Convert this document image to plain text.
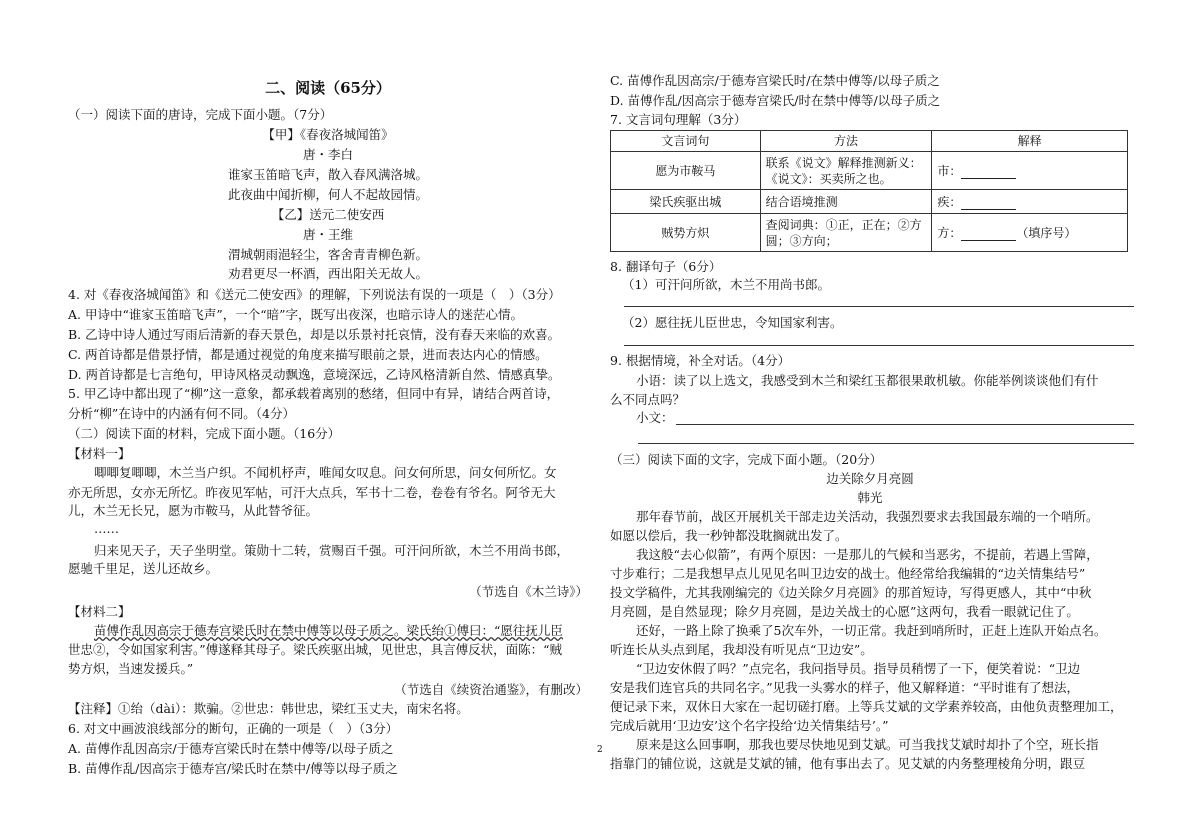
2
二、阅读（65分）
（一）阅读下面的唐诗，完成下面小题。（7分）
【甲】《春夜洛城闻笛》
唐・李白
谁家玉笛暗飞声，散入春风满洛城。
此夜曲中闻折柳，何人不起故园情。
【乙】送元二使安西
唐・王维
渭城朝雨浥轻尘，客舍青青柳色新。
劝君更尽一杯酒，西出阳关无故人。
4. 对《春夜洛城闻笛》和《送元二使安西》的理解，下列说法有误的一项是（　）（3分）
A. 甲诗中“谁家玉笛暗飞声”，一个“暗”字，既写出夜深，也暗示诗人的迷茫心情。
B. 乙诗中诗人通过写雨后清新的春天景色，却是以乐景衬托哀情，没有春天来临的欢喜。
C. 两首诗都是借景抒情，都是通过视觉的角度来描写眼前之景，进而表达内心的情感。
D. 两首诗都是七言绝句，甲诗风格灵动飘逸，意境深远，乙诗风格清新自然、情感真挚。
5. 甲乙诗中都出现了“柳”这一意象，都承载着离别的愁绪，但同中有异，请结合两首诗，
分析“柳”在诗中的内涵有何不同。（4分）
（二）阅读下面的材料，完成下面小题。（16分）
【材料一】
唧唧复唧唧，木兰当户织。不闻机杼声，唯闻女叹息。问女何所思，问女何所忆。女
亦无所思，女亦无所忆。昨夜见军帖，可汗大点兵，军书十二卷，卷卷有爷名。阿爷无大
儿，木兰无长兄，愿为市鞍马，从此替爷征。
……
归来见天子，天子坐明堂。策勋十二转，赏赐百千强。可汗问所欲，木兰不用尚书郎，
愿驰千里足，送儿还故乡。
（节选自《木兰诗》）
【材料二】
苗傅作乱因高宗于德寿宫梁氏时在禁中傅等以母子质之。梁氏绐①傅曰：“愿往抚儿臣
世忠②，令如国家利害。”傅遂释其母子。梁氏疾驱出城，见世忠，具言傅反状，面陈：“贼
势方炽，当速发援兵。”
（节选自《续资治通鉴》，有删改）
【注释】①绐（dài）：欺骗。②世忠：韩世忠，梁红玉丈夫，南宋名将。
6. 对文中画波浪线部分的断句，正确的一项是（　）（3分）
A. 苗傅作乱因高宗/于德寿宫梁氏时在禁中傅等/以母子质之
B. 苗傅作乱/因高宗于德寿宫/梁氏时在禁中/傅等以母子质之
C. 苗傅作乱因高宗/于德寿宫梁氏时/在禁中傅等/以母子质之
D. 苗傅作乱/因高宗于德寿宫梁氏/时在禁中傅等/以母子质之
7. 文言词句理解（3分）
文言词句	方法	解释
愿为市鞍马	联系《说文》解释推测新义：《说文》：买卖所之也。	市：
梁氏疾驱出城	结合语境推测	疾：
贼势方炽	查阅词典：①正，正在；②方圆；③方向；	方： （填序号）
8. 翻译句子（6分）
（1）可汗问所欲，木兰不用尚书郎。
（2）愿往抚儿臣世忠，令知国家利害。
9. 根据情境，补全对话。（4分）
小语：读了以上选文，我感受到木兰和梁红玉都很果敢机敏。你能举例谈谈他们有什
么不同点吗？
小文：
（三）阅读下面的文字，完成下面小题。（20分）
边关除夕月亮圆
韩光
那年春节前，战区开展机关干部走边关活动，我强烈要求去我国最东端的一个哨所。
如愿以偿后，我一秒钟都没耽搁就出发了。
我这般“去心似箭”，有两个原因：一是那儿的气候和当恶劣，不提前，若遇上雪障，
寸步难行；二是我想早点儿见见名叫卫边安的战士。他经常给我编辑的“边关情集结号”
投文学稿件，尤其我刚编完的《边关除夕月亮圆》的那首短诗，写得更感人，其中“中秋
月亮圆，是自然显现；除夕月亮圆，是边关战士的心愿”这两句，我看一眼就记住了。
还好，一路上除了换乘了5次车外，一切正常。我赶到哨所时，正赶上连队开始点名。
听连长从头点到尾，我却没有听见点“卫边安”。
“卫边安休假了吗？”点完名，我问指导员。指导员稍愣了一下，便笑着说：“卫边
安是我们连官兵的共同名字。”见我一头雾水的样子，他又解释道：“平时谁有了想法，
便记录下来，双休日大家在一起切磋打磨。上等兵艾斌的文学素养较高，由他负责整理加工，
完成后就用‘卫边安’这个名字投给‘边关情集结号’。”
原来是这么回事啊，那我也要尽快地见到艾斌。可当我找艾斌时却扑了个空，班长指
指靠门的铺位说，这就是艾斌的铺，他有事出去了。见艾斌的内务整理棱角分明，跟豆
